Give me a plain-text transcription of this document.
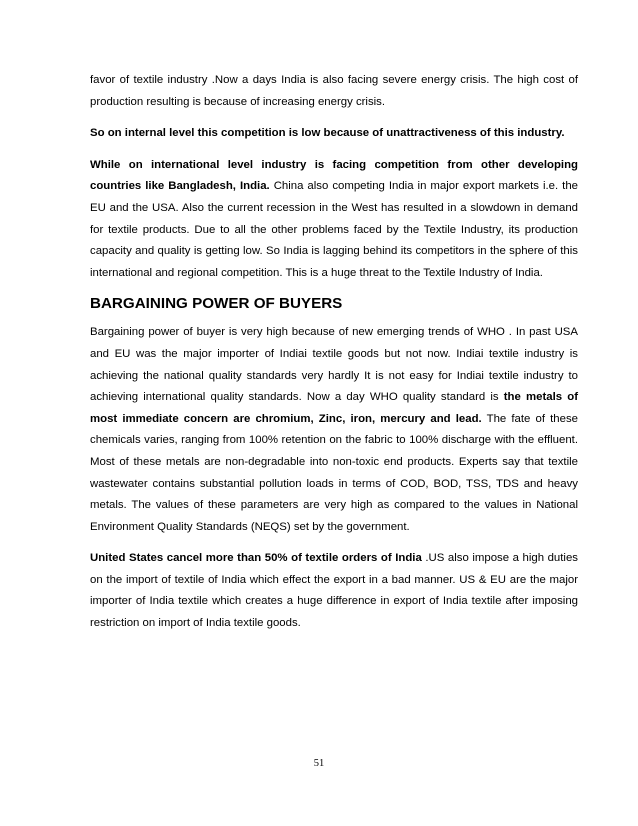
favor of textile industry .Now a days India is also facing severe energy crisis. The high cost of production resulting is because of increasing energy crisis.

So on internal level this competition is low because of unattractiveness of this industry.

While on international level industry is facing competition from other developing countries like Bangladesh, India. China also competing India in major export markets i.e. the EU and the USA. Also the current recession in the West has resulted in a slowdown in demand for textile products. Due to all the other problems faced by the Textile Industry, its production capacity and quality is getting low. So India is lagging behind its competitors in the sphere of this international and regional competition. This is a huge threat to the Textile Industry of India.

BARGAINING POWER OF BUYERS

Bargaining power of buyer is very high because of new emerging trends of WHO . In past USA and EU was the major importer of Indiai textile goods but not now. Indiai textile industry is achieving the national quality standards very hardly It is not easy for Indiai textile industry to achieving international quality standards. Now a day WHO quality standard is the metals of most immediate concern are chromium, Zinc, iron, mercury and lead. The fate of these chemicals varies, ranging from 100% retention on the fabric to 100% discharge with the effluent. Most of these metals are non-degradable into non-toxic end products. Experts say that textile wastewater contains substantial pollution loads in terms of COD, BOD, TSS, TDS and heavy metals. The values of these parameters are very high as compared to the values in National Environment Quality Standards (NEQS) set by the government.

United States cancel more than 50% of textile orders of India .US also impose a high duties on the import of textile of India which effect the export in a bad manner. US & EU are the major importer of India textile which creates a huge difference in export of India textile after imposing restriction on import of India textile goods.

51
